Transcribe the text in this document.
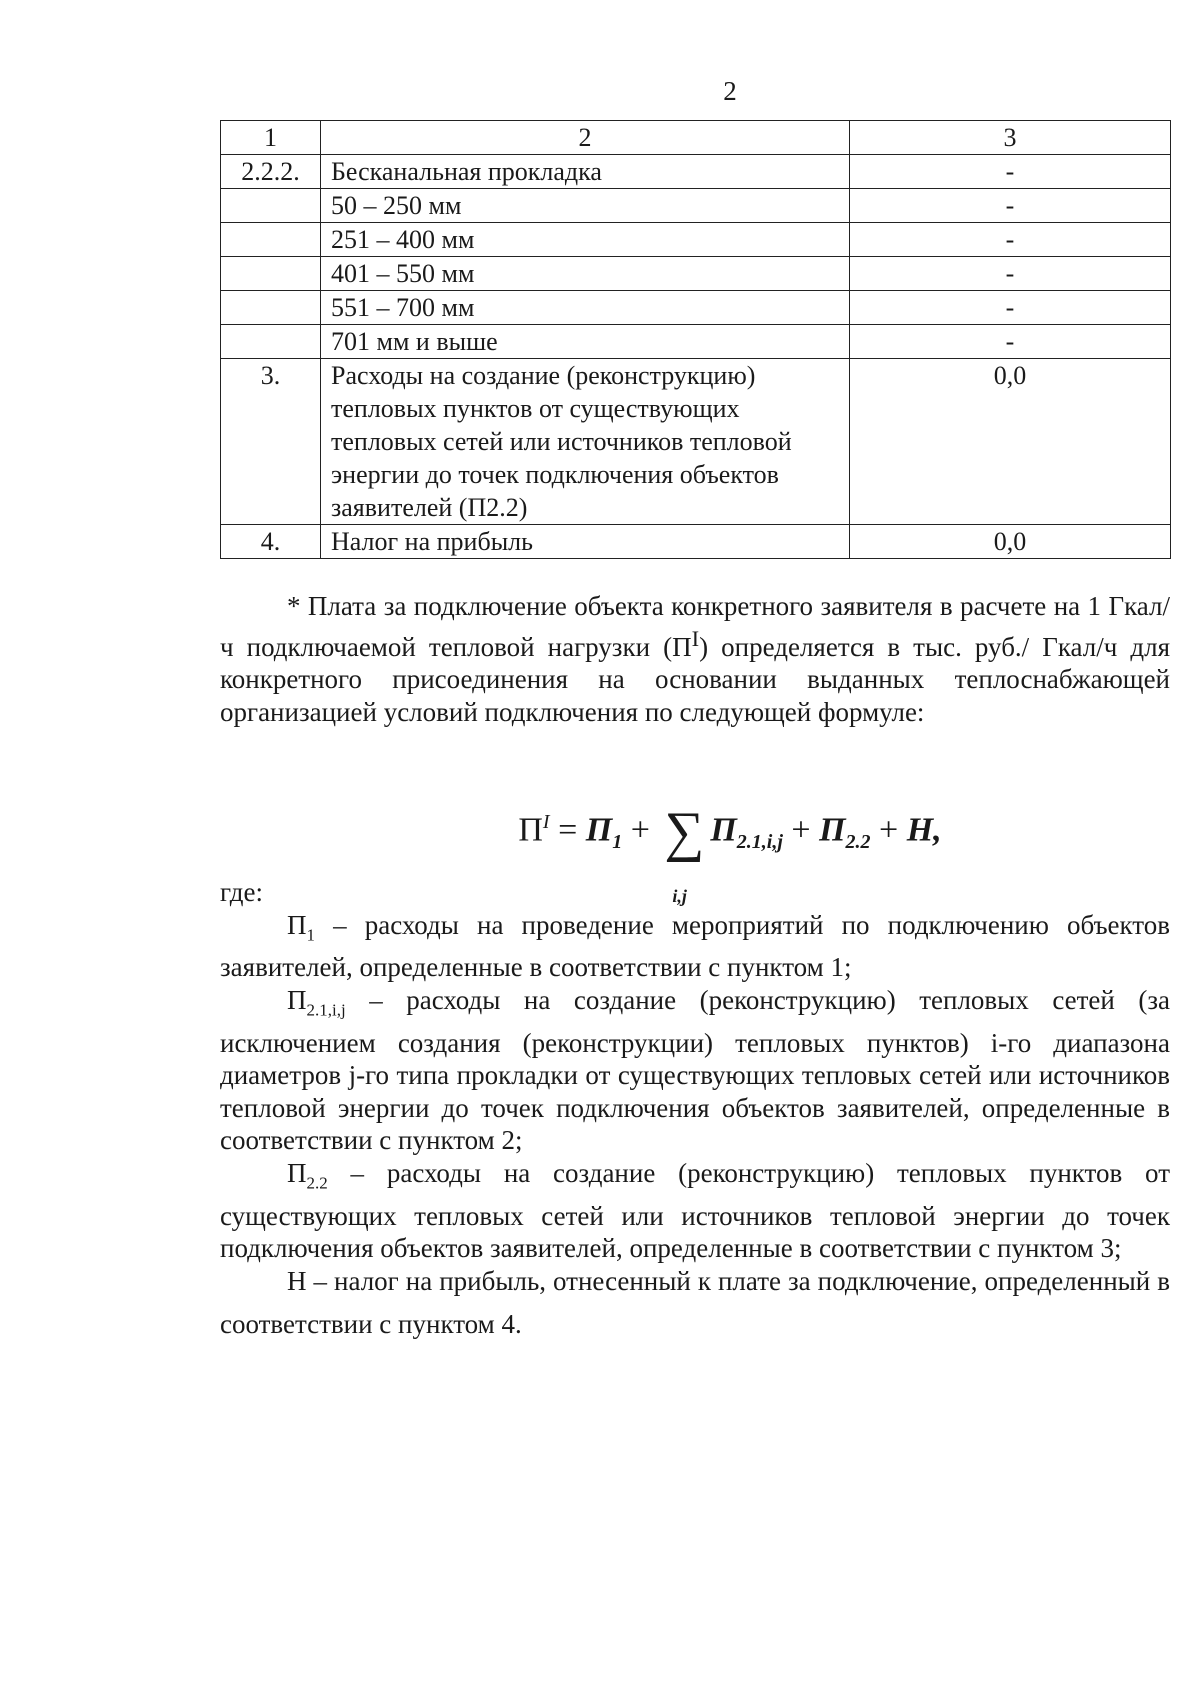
2
1	2	3
2.2.2.	Бесканальная прокладка	-
	50 – 250 мм	-
	251 – 400 мм	-
	401 – 550 мм	-
	551 – 700 мм	-
	701 мм и выше	-
3.	Расходы на создание (реконструкцию) тепловых пунктов от существующих тепловых сетей или источников тепловой энергии до точек подключения объектов заявителей (П2.2)	0,0
4.	Налог на прибыль	0,0

* Плата за подключение объекта конкретного заявителя в расчете на 1 Гкал/ч подключаемой тепловой нагрузки $(П^I)$ определяется в тыс. руб./ Гкал/ч для конкретного присоединения на основании выданных теплоснабжающей организацией условий подключения по следующей формуле:

$П^I = П_1$ + ∑
i,j
$П_{2.1,i,j} + П_{2.2} + Н$,

где:

$П_1$ – расходы на проведение мероприятий по подключению объектов заявителей, определенные в соответствии с пунктом 1;

$П_{2.1,i,j}$ – расходы на создание (реконструкцию) тепловых сетей (за исключением создания (реконструкции) тепловых пунктов) i-го диапазона диаметров j-го типа прокладки от существующих тепловых сетей или источников тепловой энергии до точек подключения объектов заявителей, определенные в соответствии с пунктом 2;

$П_{2.2}$ – расходы на создание (реконструкцию) тепловых пунктов от существующих тепловых сетей или источников тепловой энергии до точек подключения объектов заявителей, определенные в соответствии с пунктом 3;

Н – налог на прибыль, отнесенный к плате за подключение, определенный в соответствии с пунктом 4.
